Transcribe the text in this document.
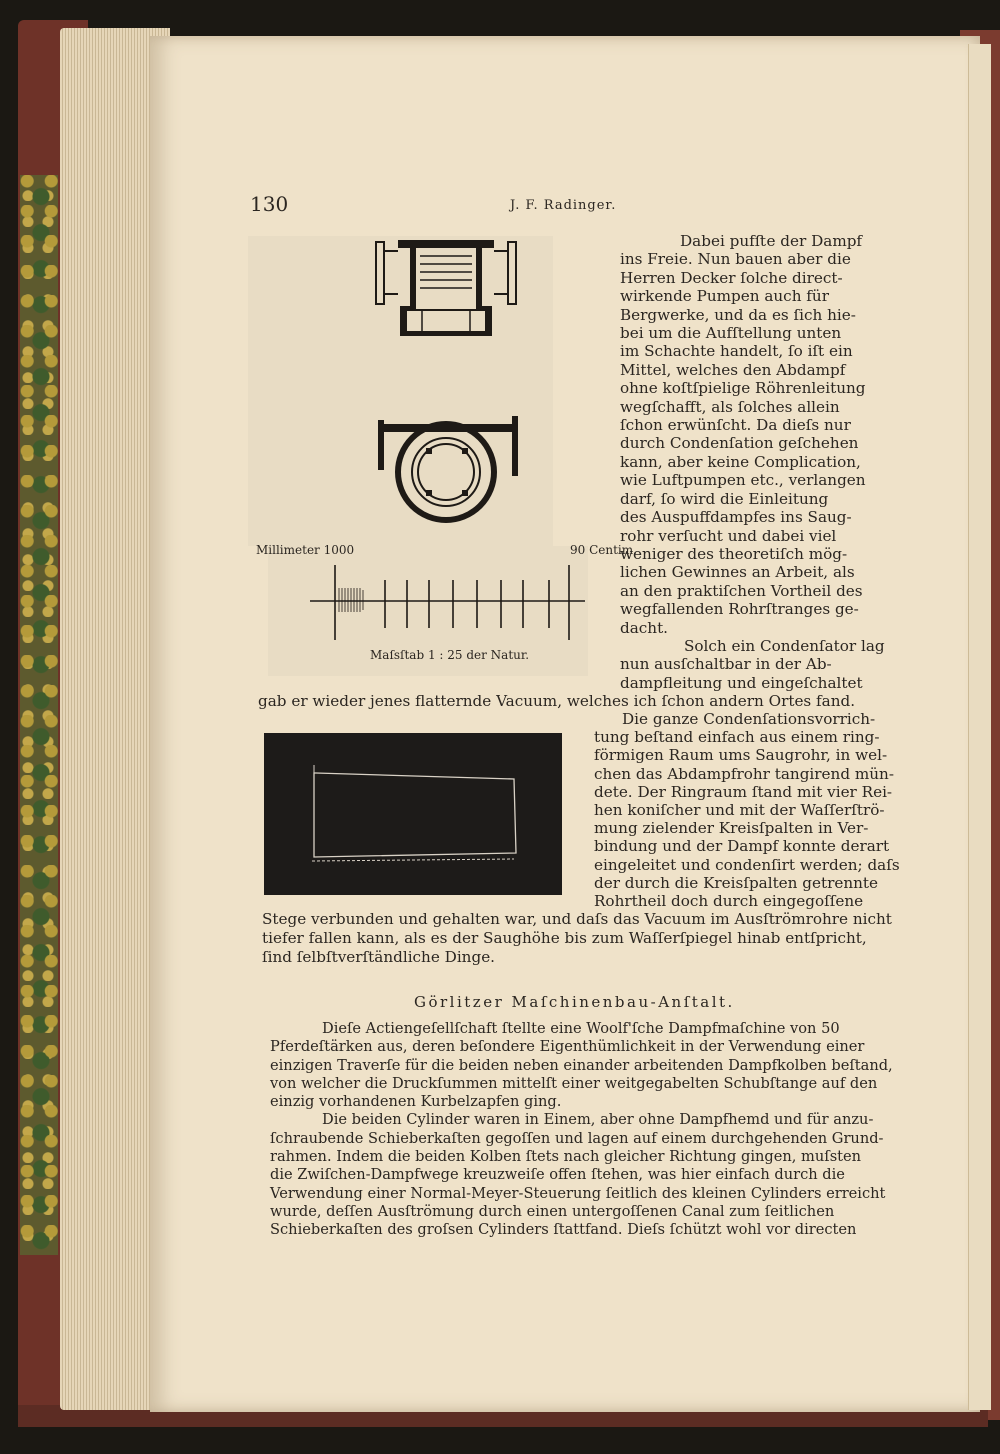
130	J. F. Radinger.
Millimeter 1000	90 Centim.
Maſsſtab 1 : 25 der Natur.
Dabei pufﬅe der Dampf
ins Freie. Nun bauen aber die
Herren Decker ſolche direct-
wirkende Pumpen auch für
Bergwerke, und da es ſich hie-
bei um die Aufſtellung unten
im Schachte handelt, ſo iſt ein
Mittel, welches den Abdampf
ohne koſtſpielige Röhrenleitung
wegſchafft, als ſolches allein
ſchon erwünſcht. Da dieſs nur
durch Condenſation geſchehen
kann, aber keine Complication,
wie Luftpumpen etc., verlangen
darf, ſo wird die Einleitung
des Auspuffdampfes ins Saug-
rohr verſucht und dabei viel
weniger des theoretiſch mög-
lichen Gewinnes an Arbeit, als
an den praktiſchen Vortheil des
wegfallenden Rohrſtranges ge-
dacht.
Solch ein Condenſator lag
nun ausſchaltbar in der Ab-
dampfleitung und eingeſchaltet
gab er wieder jenes flatternde Vacuum, welches ich ſchon andern Ortes fand.
Die ganze Condenſationsvorrich-
tung beſtand einfach aus einem ring-
förmigen Raum ums Saugrohr, in wel-
chen das Abdampfrohr tangirend mün-
dete. Der Ringraum ſtand mit vier Rei-
hen koniſcher und mit der Waſſerſtrö-
mung zielender Kreisſpalten in Ver-
bindung und der Dampf konnte derart
eingeleitet und condenſirt werden; daſs
der durch die Kreisſpalten getrennte
Rohrtheil doch durch eingegoſſene
Stege verbunden und gehalten war, und daſs das Vacuum im Ausſtrömrohre nicht
tiefer fallen kann, als es der Saughöhe bis zum Waſſerſpiegel hinab entſpricht,
ſind ſelbſtverſtändliche Dinge.
Görlitzer Maſchinenbau-Anſtalt.
Dieſe Actiengeſellſchaft ſtellte eine Woolf'ſche Dampfmaſchine von 50
Pferdeſtärken aus, deren beſondere Eigenthümlichkeit in der Verwendung einer
einzigen Traverſe für die beiden neben einander arbeitenden Dampfkolben beſtand,
von welcher die Druckſummen mittelſt einer weitgegabelten Schubſtange auf den
einzig vorhandenen Kurbelzapfen ging.
Die beiden Cylinder waren in Einem, aber ohne Dampfhemd und für anzu-
ſchraubende Schieberkaſten gegoſſen und lagen auf einem durchgehenden Grund-
rahmen. Indem die beiden Kolben ſtets nach gleicher Richtung gingen, muſsten
die Zwiſchen-Dampfwege kreuzweiſe offen ſtehen, was hier einfach durch die
Verwendung einer Normal-Meyer-Steuerung ſeitlich des kleinen Cylinders erreicht
wurde, deſſen Ausſtrömung durch einen untergoſſenen Canal zum ſeitlichen
Schieberkaſten des groſsen Cylinders ſtattfand. Dieſs ſchützt wohl vor directen
